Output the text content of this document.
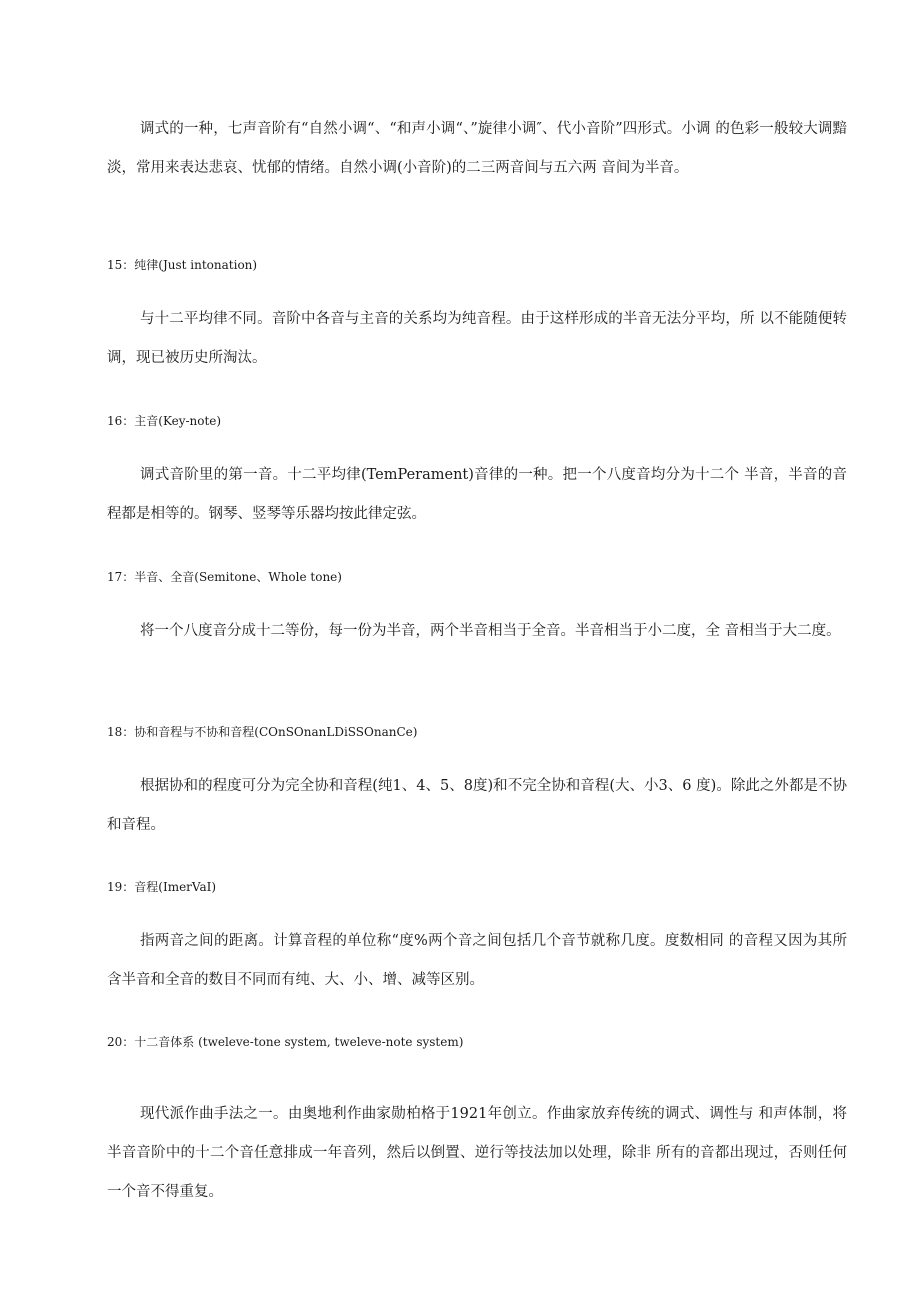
调式的一种，七声音阶有“自然小调“、“和声小调“、”旋律小调″、代小音阶”四形式。小调 的色彩一般较大调黯淡，常用来表达悲哀、忧郁的情绪。自然小调(小音阶)的二三两音间与五六两 音间为半音。

15：纯律(Just intonation)

与十二平均律不同。音阶中各音与主音的关系均为纯音程。由于这样形成的半音无法分平均，所 以不能随便转调，现已被历史所淘汰。

16：主音(Key-note)

调式音阶里的第一音。十二平均律(TemPerament)音律的一种。把一个八度音均分为十二个 半音，半音的音程都是相等的。钢琴、竖琴等乐器均按此律定弦。

17：半音、全音(Semitone、Whole tone)

将一个八度音分成十二等份，每一份为半音，两个半音相当于全音。半音相当于小二度，全 音相当于大二度。

18：协和音程与不协和音程(COnSOnanLDiSSOnanCe)

根据协和的程度可分为完全协和音程(纯1、4、5、8度)和不完全协和音程(大、小3、6 度)。除此之外都是不协和音程。

19：音程(ImerVaI)

指两音之间的距离。计算音程的单位称“度%两个音之间包括几个音节就称几度。度数相同 的音程又因为其所含半音和全音的数目不同而有纯、大、小、增、减等区别。

20：十二音体系 (tweleve-tone system, tweleve-note system)

现代派作曲手法之一。由奥地利作曲家勋柏格于1921年创立。作曲家放弃传统的调式、调性与 和声体制，将半音音阶中的十二个音任意排成一年音列，然后以倒置、逆行等技法加以处理，除非 所有的音都出现过，否则任何一个音不得重复。
